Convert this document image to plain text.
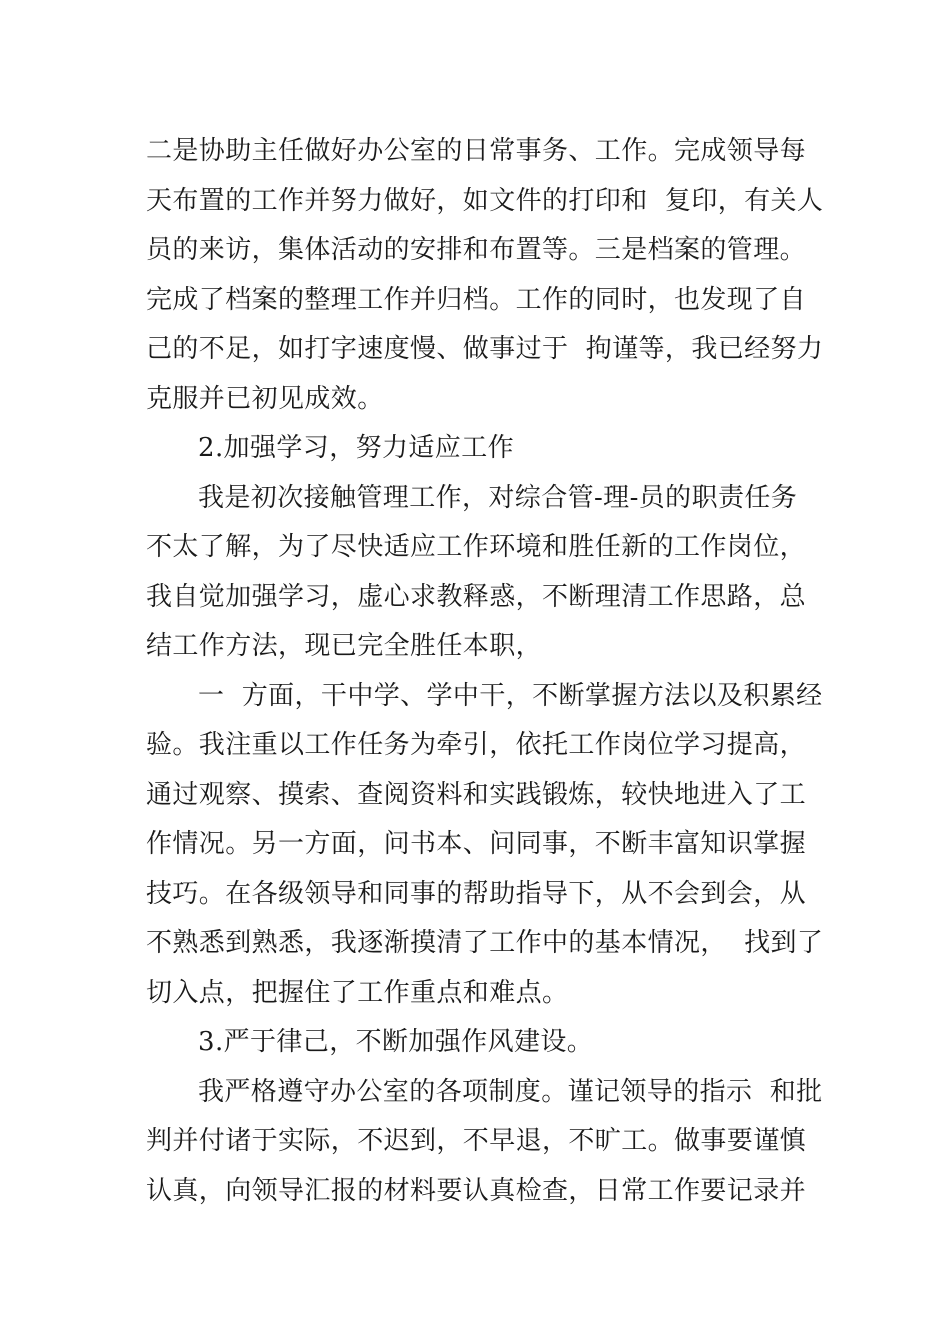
二是协助主任做好办公室的日常事务、工作。完成领导每
天布置的工作并努力做好，如文件的打印和  复印，有关人
员的来访，集体活动的安排和布置等。三是档案的管理。
完成了档案的整理工作并归档。工作的同时，也发现了自
己的不足，如打字速度慢、做事过于  拘谨等，我已经努力
克服并已初见成效。
2.加强学习，努力适应工作
我是初次接触管理工作，对综合管-理-员的职责任务
不太了解，为了尽快适应工作环境和胜任新的工作岗位，
我自觉加强学习，虚心求教释惑，不断理清工作思路，总
结工作方法，现已完全胜任本职，
一  方面，干中学、学中干，不断掌握方法以及积累经
验。我注重以工作任务为牵引，依托工作岗位学习提高，
通过观察、摸索、查阅资料和实践锻炼，较快地进入了工
作情况。另一方面，问书本、问同事，不断丰富知识掌握
技巧。在各级领导和同事的帮助指导下，从不会到会，从
不熟悉到熟悉，我逐渐摸清了工作中的基本情况，  找到了
切入点，把握住了工作重点和难点。
3.严于律己，不断加强作风建设。
我严格遵守办公室的各项制度。谨记领导的指示  和批
判并付诸于实际，不迟到，不早退，不旷工。做事要谨慎
认真，向领导汇报的材料要认真检查，日常工作要记录并
